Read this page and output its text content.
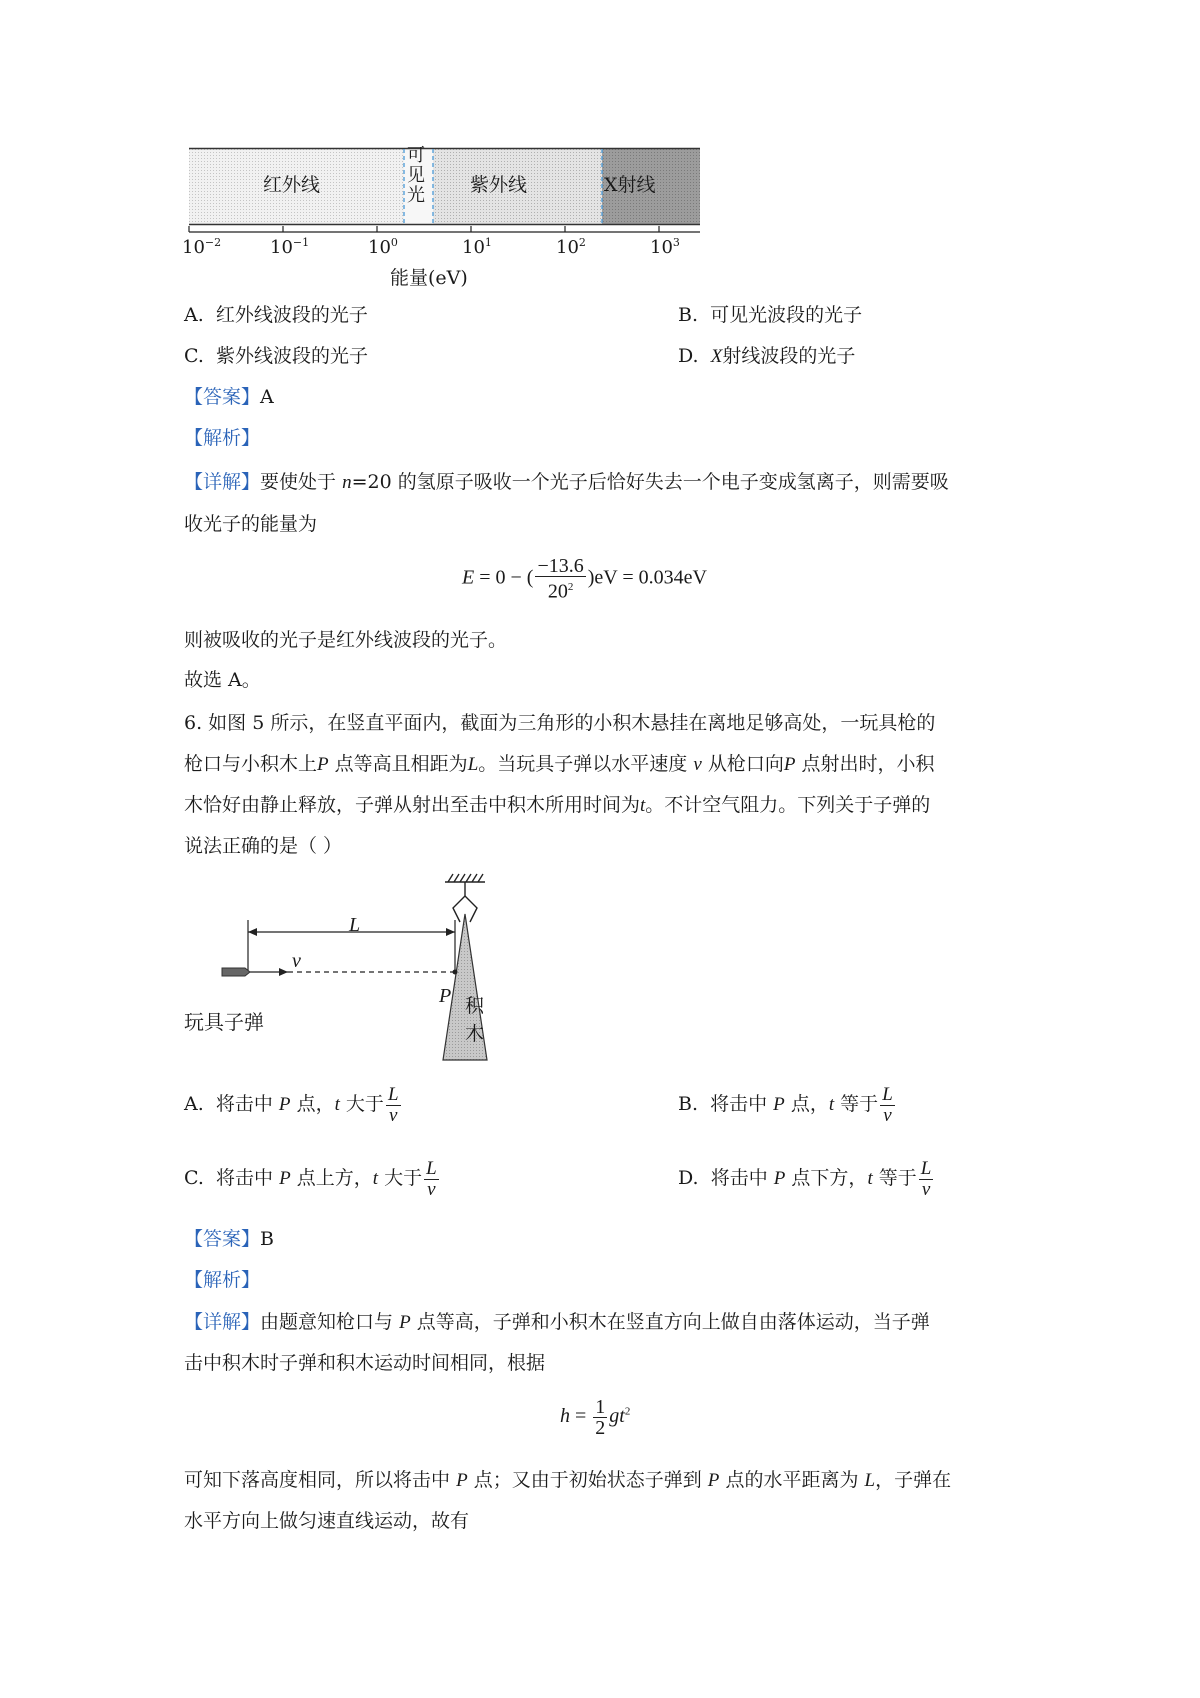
红外线
可
见
光 紫外线	X射线
$10^{-2}$	$10^{-1}$	$10^0$	$10^1$	$10^2$	$10^3$
能量(eV)
A. 红外线波段的光子	B. 可见光波段的光子
C. 紫外线波段的光子	D. X射线波段的光子
【答案】A
【解析】
【详解】要使处于 n=20 的氢原子吸收一个光子后恰好失去一个电子变成氢离子，则需要吸
收光子的能量为
E = 0 − ( $\frac{-13.6}{20^2} )eV = 0.034eV$
则被吸收的光子是红外线波段的光子。
故选 A。
6. 如图 5 所示，在竖直平面内，截面为三角形的小积木悬挂在离地足够高处，一玩具枪的
枪口与小积木上P 点等高且相距为L。当玩具子弹以水平速度 v 从枪口向P 点射出时，小积
木恰好由静止释放，子弹从射出至击中积木所用时间为t。不计空气阻力。下列关于子弹的
说法正确的是（ ）
L
v
P 积
木
玩具子弹
A. 将击中 P 点，t 大于 $\frac{L}{v}$	B. 将击中 P 点，t 等于 $\frac{L}{v}$
C. 将击中 P 点上方，t 大于 $\frac{L}{v}$	D. 将击中 P 点下方，t 等于 $\frac{L}{v}$
【答案】B
【解析】
【详解】由题意知枪口与 P 点等高，子弹和小积木在竖直方向上做自由落体运动，当子弹
击中积木时子弹和积木运动时间相同，根据
$h = \frac{1}{2} gt^2$
可知下落高度相同，所以将击中 P 点；又由于初始状态子弹到 P 点的水平距离为 L，子弹在
水平方向上做匀速直线运动，故有
